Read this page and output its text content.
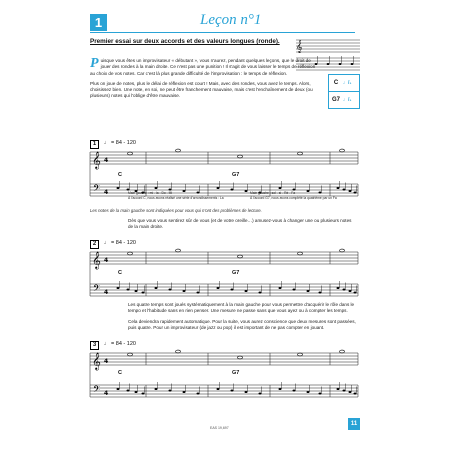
1	Leçon n°1
Premier essai sur deux accords et des valeurs longues (ronde). 𝄞

Puisque vous êtes un improvisateur « débutant », vous n'aurez, pendant quelques leçons, que le droit de jouer des rondes à la main droite. Ce n'est pas une punition ! Il s'agit de vous laisser le temps de réflexion au choix de vos notes. Car c'est là plus grande difficulté de l'improvisation : le temps de réflexion.

Plus on joue de notes, plus le délai de réflexion est court ! Mais, avec des rondes, vous avez le temps. Alors, choisissez bien. Une note, en soi, ne peut être franchement mauvaise, mais c'est l'enchaînement de deux (ou plusieurs) notes qui l'oblige d'être mauvaise.

C ♩/₁
G7 ♩/₁
1	♩ = 84 - 120
𝄞
𝄢 4
4
C	G7
Main gauche : mi - la - Do - Mi
À l'accord C, nous avons réalisé une série d'arrondissements : La
Main gauche : sol - si - Ré - Fa
À l'accord G7, nous avons complété la quatrième par un Fa
Les notes de la main gauche sont indiquées pour vous qui n'ont des problèmes de lecture.
Dès que vous vous sentirez sûr de vous (et de votre oreille…) amusez-vous à changer une ou plusieurs notes de la main droite.
2	♩ = 84 - 120
𝄞
𝄢 4
4
C	G7

Les quatre temps sont joués systématiquement à la main gauche pour vous permettre d'acquérir le rôle dans le tempo et l'habitude sans en rien penser. Une mesure ne passe sans que vous ayez ou à compter les temps.

Cela deviendra rapidement automatique. Pour la suite, vous aurez conscience que deux mesures sont passées, puis quatre. Pour un improvisateur (de jazz ou pop) il est important de ne pas compter en jouant.

3	♩ = 84 - 120
𝄞
𝄢 4
4
C	G7
EAS 19,697
11
